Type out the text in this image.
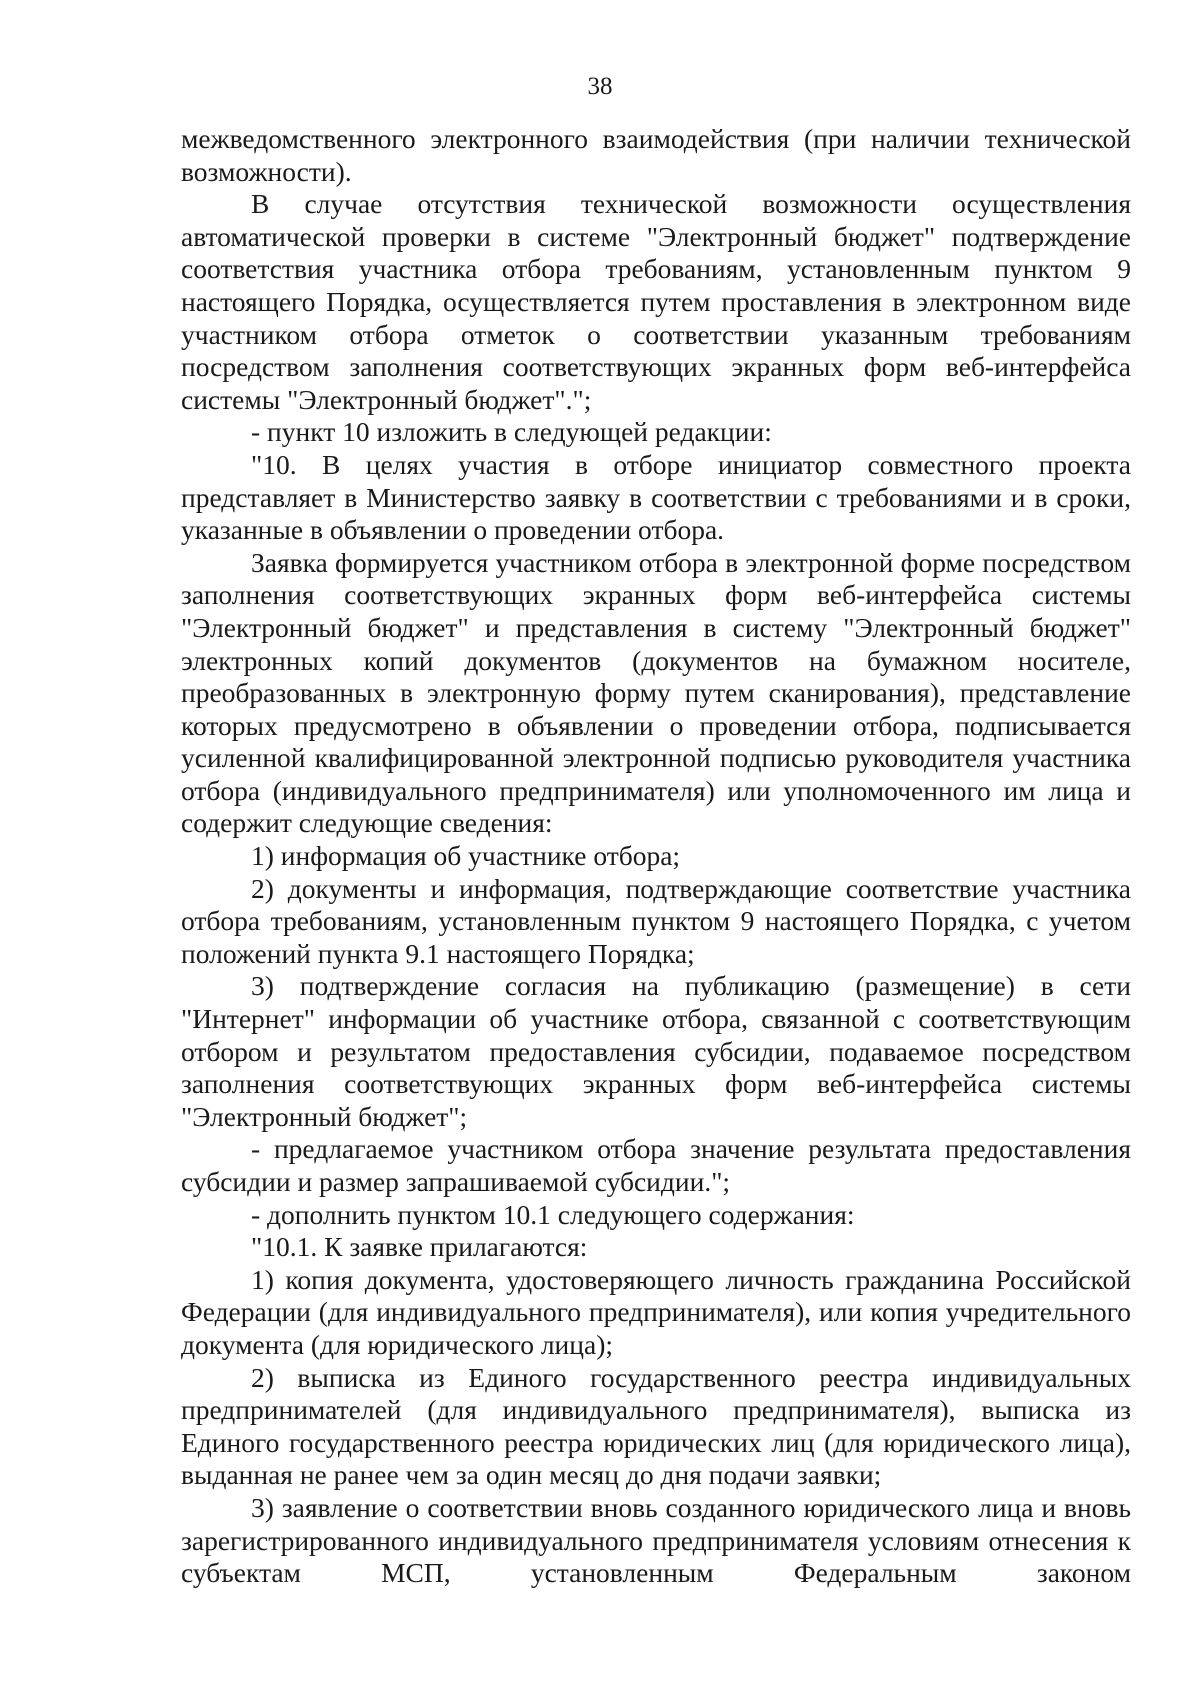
38

межведомственного электронного взаимодействия (при наличии технической возможности).

В случае отсутствия технической возможности осуществления автоматической проверки в системе "Электронный бюджет" подтверждение соответствия участника отбора требованиям, установленным пунктом 9 настоящего Порядка, осуществляется путем проставления в электронном виде участником отбора отметок о соответствии указанным требованиям посредством заполнения соответствующих экранных форм веб-интерфейса системы "Электронный бюджет".";

- пункт 10 изложить в следующей редакции:

"10. В целях участия в отборе инициатор совместного проекта представляет в Министерство заявку в соответствии с требованиями и в сроки, указанные в объявлении о проведении отбора.

Заявка формируется участником отбора в электронной форме посредством заполнения соответствующих экранных форм веб-интерфейса системы "Электронный бюджет" и представления в систему "Электронный бюджет" электронных копий документов (документов на бумажном носителе, преобразованных в электронную форму путем сканирования), представление которых предусмотрено в объявлении о проведении отбора, подписывается усиленной квалифицированной электронной подписью руководителя участника отбора (индивидуального предпринимателя) или уполномоченного им лица и содержит следующие сведения:

1) информация об участнике отбора;

2) документы и информация, подтверждающие соответствие участника отбора требованиям, установленным пунктом 9 настоящего Порядка, с учетом положений пункта 9.1 настоящего Порядка;

3) подтверждение согласия на публикацию (размещение) в сети "Интернет" информации об участнике отбора, связанной с соответствующим отбором и результатом предоставления субсидии, подаваемое посредством заполнения соответствующих экранных форм веб-интерфейса системы "Электронный бюджет";

- предлагаемое участником отбора значение результата предоставления субсидии и размер запрашиваемой субсидии.";

- дополнить пунктом 10.1 следующего содержания:

"10.1. К заявке прилагаются:

1) копия документа, удостоверяющего личность гражданина Российской Федерации (для индивидуального предпринимателя), или копия учредительного документа (для юридического лица);

2) выписка из Единого государственного реестра индивидуальных предпринимателей (для индивидуального предпринимателя), выписка из Единого государственного реестра юридических лиц (для юридического лица), выданная не ранее чем за один месяц до дня подачи заявки;

3) заявление о соответствии вновь созданного юридического лица и вновь зарегистрированного индивидуального предпринимателя условиям отнесения к субъектам МСП, установленным Федеральным законом
